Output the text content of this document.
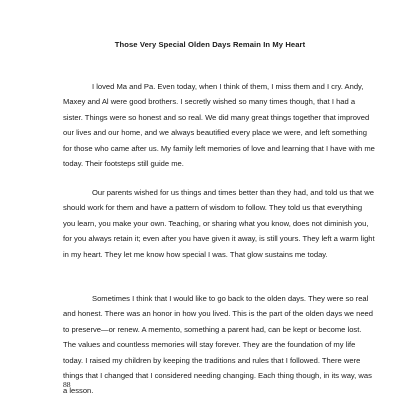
Those Very Special Olden Days Remain In My Heart

I loved Ma and Pa. Even today, when I think of them, I miss them and I cry. Andy, Maxey and Al were good brothers. I secretly wished so many times though, that I had a sister. Things were so honest and so real. We did many great things together that improved our lives and our home, and we always beautified every place we were, and left something for those who came after us. My family left memories of love and learning that I have with me today. Their footsteps still guide me.

Our parents wished for us things and times better than they had, and told us that we should work for them and have a pattern of wisdom to follow. They told us that everything you learn, you make your own. Teaching, or sharing what you know, does not diminish you, for you always retain it; even after you have given it away, is still yours. They left a warm light in my heart. They let me know how special I was. That glow sustains me today.

Sometimes I think that I would like to go back to the olden days. They were so real and honest. There was an honor in how you lived. This is the part of the olden days we need to preserve—or renew. A memento, something a parent had, can be kept or become lost. The values and countless memories will stay forever. They are the foundation of my life today. I raised my children by keeping the traditions and rules that I followed. There were things that I changed that I considered needing changing. Each thing though, in its way, was a lesson.

88
